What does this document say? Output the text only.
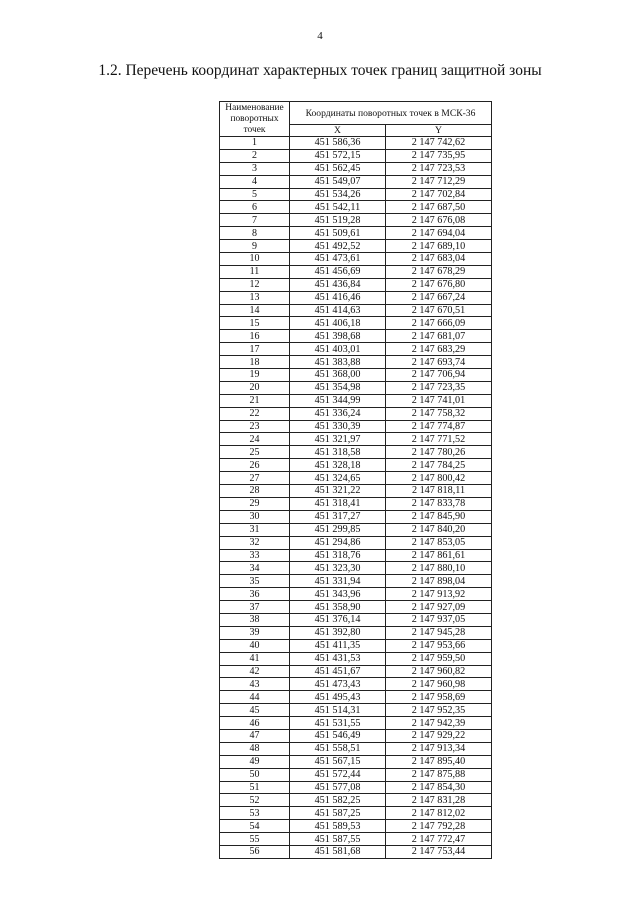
4
1.2. Перечень координат характерных точек границ защитной зоны
Наименование поворотных точек	Координаты поворотных точек в МСК-36	
	X	Y
1	451 586,36	2 147 742,62
2	451 572,15	2 147 735,95
3	451 562,45	2 147 723,53
4	451 549,07	2 147 712,29
5	451 534,26	2 147 702,84
6	451 542,11	2 147 687,50
7	451 519,28	2 147 676,08
8	451 509,61	2 147 694,04
9	451 492,52	2 147 689,10
10	451 473,61	2 147 683,04
11	451 456,69	2 147 678,29
12	451 436,84	2 147 676,80
13	451 416,46	2 147 667,24
14	451 414,63	2 147 670,51
15	451 406,18	2 147 666,09
16	451 398,68	2 147 681,07
17	451 403,01	2 147 683,29
18	451 383,88	2 147 693,74
19	451 368,00	2 147 706,94
20	451 354,98	2 147 723,35
21	451 344,99	2 147 741,01
22	451 336,24	2 147 758,32
23	451 330,39	2 147 774,87
24	451 321,97	2 147 771,52
25	451 318,58	2 147 780,26
26	451 328,18	2 147 784,25
27	451 324,65	2 147 800,42
28	451 321,22	2 147 818,11
29	451 318,41	2 147 833,78
30	451 317,27	2 147 845,90
31	451 299,85	2 147 840,20
32	451 294,86	2 147 853,05
33	451 318,76	2 147 861,61
34	451 323,30	2 147 880,10
35	451 331,94	2 147 898,04
36	451 343,96	2 147 913,92
37	451 358,90	2 147 927,09
38	451 376,14	2 147 937,05
39	451 392,80	2 147 945,28
40	451 411,35	2 147 953,66
41	451 431,53	2 147 959,50
42	451 451,67	2 147 960,82
43	451 473,43	2 147 960,98
44	451 495,43	2 147 958,69
45	451 514,31	2 147 952,35
46	451 531,55	2 147 942,39
47	451 546,49	2 147 929,22
48	451 558,51	2 147 913,34
49	451 567,15	2 147 895,40
50	451 572,44	2 147 875,88
51	451 577,08	2 147 854,30
52	451 582,25	2 147 831,28
53	451 587,25	2 147 812,02
54	451 589,53	2 147 792,28
55	451 587,55	2 147 772,47
56	451 581,68	2 147 753,44
